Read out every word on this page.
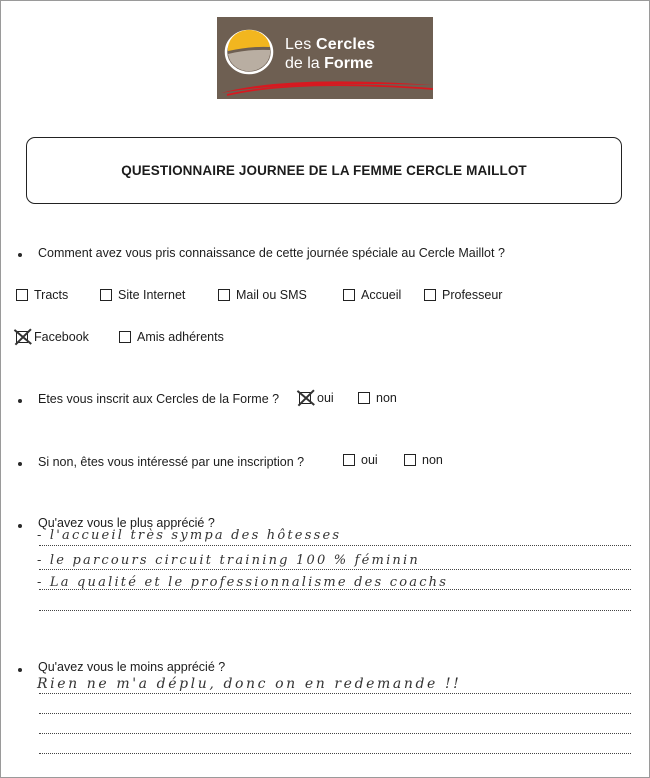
Les Cercles
de la Forme
QUESTIONNAIRE JOURNEE DE LA FEMME CERCLE MAILLOT
Comment avez vous pris connaissance de cette journée spéciale au Cercle Maillot ?
Tracts	Site Internet	Mail ou SMS	Accueil	Professeur
Facebook	Amis adhérents
Etes vous inscrit aux Cercles de la Forme ?	oui	non
Si non, êtes vous intéressé par une inscription ?	oui	non
Qu'avez vous le plus apprécié ?
- l'accueil très sympa des hôtesses
- le parcours circuit training 100 % féminin
- La qualité et le professionnalisme des coachs
Qu'avez vous le moins apprécié ?
Rien ne m'a déplu, donc on en redemande !!
